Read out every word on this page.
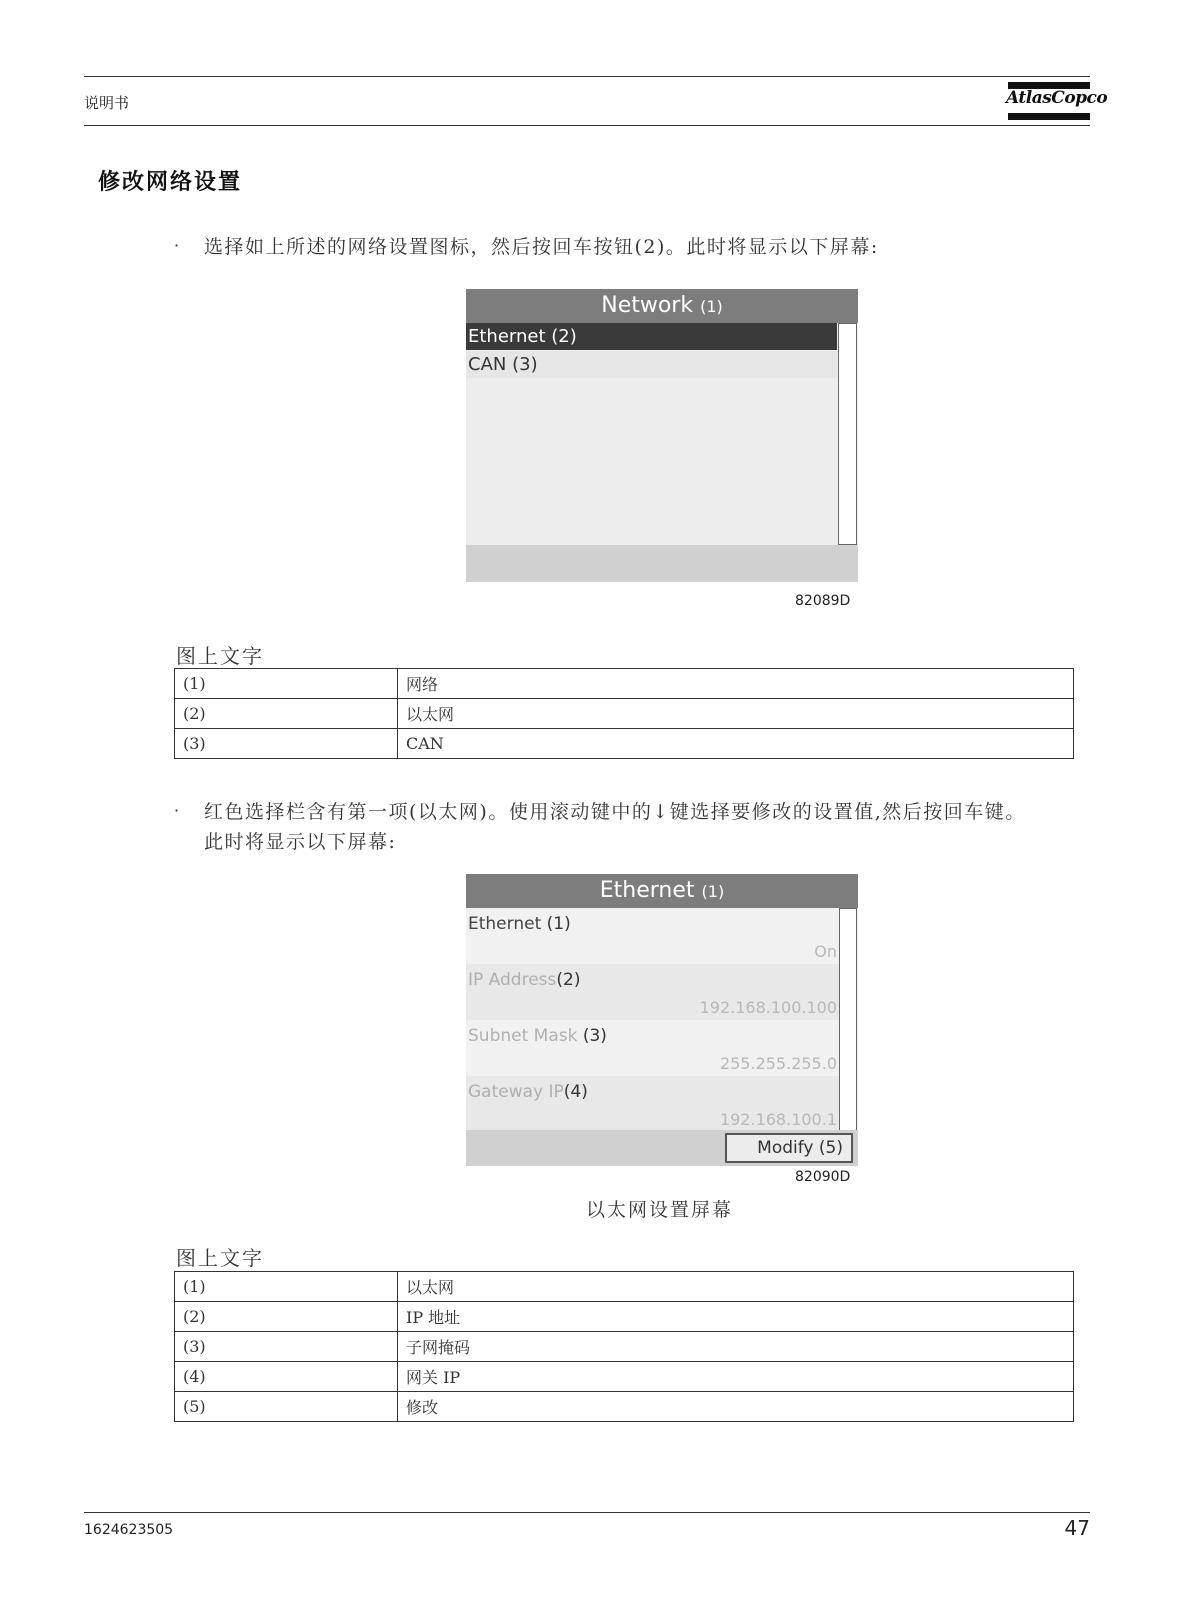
说明书	AtlasCopco
修改网络设置
· 选择如上所述的网络设置图标，然后按回车按钮(2)。此时将显示以下屏幕:
Network (1)
Ethernet (2)
CAN (3)
82089D
图上文字
(1)	网络
(2)	以太网
(3)	CAN
· 红色选择栏含有第一项(以太网)。使用滚动键中的↓键选择要修改的设置值,然后按回车键。
此时将显示以下屏幕:
Ethernet (1)
Ethernet (1)
On
IP Address(2)
192.168.100.100
Subnet Mask (3)
255.255.255.0
Gateway IP(4)
192.168.100.1
Modify (5)
82090D
以太网设置屏幕
图上文字
(1)	以太网
(2)	IP 地址
(3)	子网掩码
(4)	网关 IP
(5)	修改
1624623505	47
